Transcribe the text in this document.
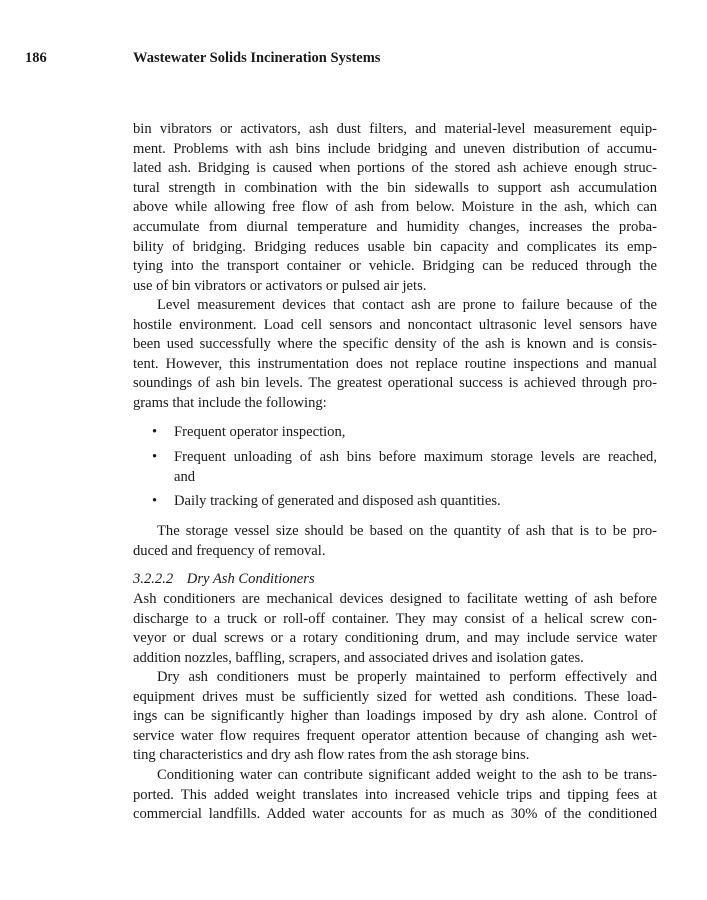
186	Wastewater Solids Incineration Systems
bin vibrators or activators, ash dust filters, and material-level measurement equip-
ment. Problems with ash bins include bridging and uneven distribution of accumu-
lated ash. Bridging is caused when portions of the stored ash achieve enough struc-
tural strength in combination with the bin sidewalls to support ash accumulation
above while allowing free flow of ash from below. Moisture in the ash, which can
accumulate from diurnal temperature and humidity changes, increases the proba-
bility of bridging. Bridging reduces usable bin capacity and complicates its emp-
tying into the transport container or vehicle. Bridging can be reduced through the
use of bin vibrators or activators or pulsed air jets.
Level measurement devices that contact ash are prone to failure because of the
hostile environment. Load cell sensors and noncontact ultrasonic level sensors have
been used successfully where the specific density of the ash is known and is consis-
tent. However, this instrumentation does not replace routine inspections and manual
soundings of ash bin levels. The greatest operational success is achieved through pro-
grams that include the following:
The storage vessel size should be based on the quantity of ash that is to be pro-
duced and frequency of removal.
Ash conditioners are mechanical devices designed to facilitate wetting of ash before
discharge to a truck or roll-off container. They may consist of a helical screw con-
veyor or dual screws or a rotary conditioning drum, and may include service water
addition nozzles, baffling, scrapers, and associated drives and isolation gates.
Dry ash conditioners must be properly maintained to perform effectively and
equipment drives must be sufficiently sized for wetted ash conditions. These load-
ings can be significantly higher than loadings imposed by dry ash alone. Control of
service water flow requires frequent operator attention because of changing ash wet-
ting characteristics and dry ash flow rates from the ash storage bins.
Conditioning water can contribute significant added weight to the ash to be trans-
ported. This added weight translates into increased vehicle trips and tipping fees at
commercial landfills. Added water accounts for as much as 30% of the conditioned
• Frequent operator inspection,
• Frequent unloading of ash bins before maximum storage levels are reached,
and
• Daily tracking of generated and disposed ash quantities.
3.2.2.2 Dry Ash Conditioners
